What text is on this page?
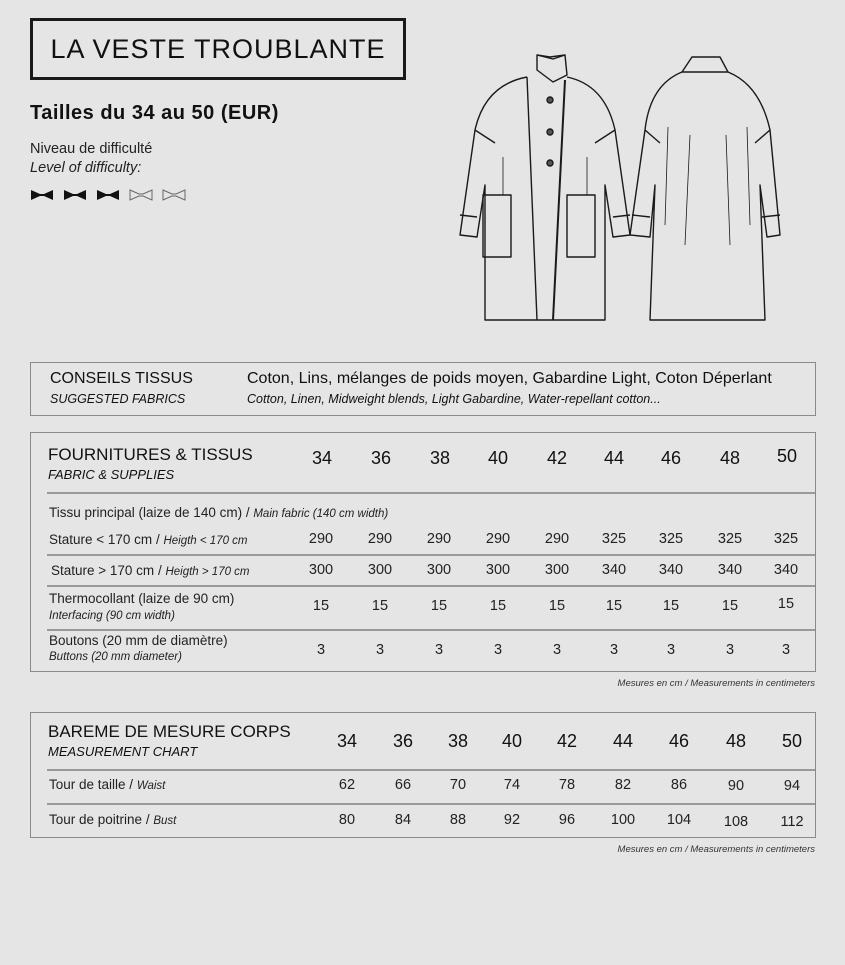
LA VESTE TROUBLANTE
Tailles du 34 au 50 (EUR)
Niveau de difficulté
Level of difficulty:
CONSEILS TISSUS
SUGGESTED FABRICS
Coton, Lins, mélanges de poids moyen, Gabardine Light, Coton Déperlant
Cotton, Linen, Midweight blends, Light Gabardine, Water-repellant cotton...
FOURNITURES & TISSUS
FABRIC & SUPPLIES
34	36	38	40	42	44	46	48	50
Tissu principal (laize de 140 cm) / Main fabric (140 cm width)
Stature < 170 cm / Heigth < 170 cm	290	290	290	290	290	325	325	325	325
Stature > 170 cm / Heigth > 170 cm	300	300	300	300	300	340	340	340	340
Thermocollant (laize de 90 cm)
Interfacing (90 cm width)
15	15	15	15	15	15	15	15	15
Boutons (20 mm de diamètre)
Buttons (20 mm diameter)	3	3	3	3	3	3	3	3	3
Mesures en cm / Measurements in centimeters
BAREME DE MESURE CORPS
MEASUREMENT CHART
34	36	38	40	42	44	46	48	50
Tour de taille / Waist	62	66	70	74	78	82	86	90	94
Tour de poitrine / Bust	80	84	88	92	96	100	104	108	112
Mesures en cm / Measurements in centimeters
